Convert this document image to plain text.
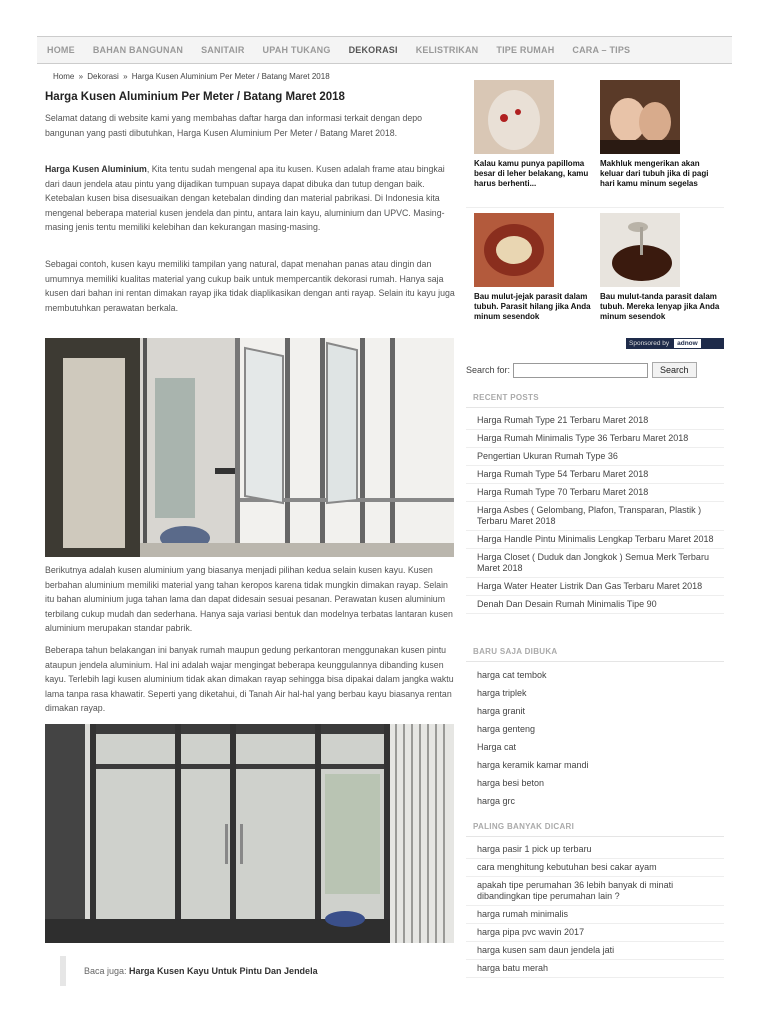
HOME	BAHAN BANGUNAN	SANITAIR	UPAH TUKANG	DEKORASI	KELISTRIKAN	TIPE RUMAH	CARA – TIPS
Home » Dekorasi » Harga Kusen Aluminium Per Meter / Batang Maret 2018
Harga Kusen Aluminium Per Meter / Batang Maret 2018

Selamat datang di website kami yang membahas daftar harga dan informasi terkait dengan depo bangunan yang pasti dibutuhkan, Harga Kusen Aluminium Per Meter / Batang Maret 2018.

Harga Kusen Aluminium, Kita tentu sudah mengenal apa itu kusen. Kusen adalah frame atau bingkai dari daun jendela atau pintu yang dijadikan tumpuan supaya dapat dibuka dan tutup dengan baik. Ketebalan kusen bisa disesuaikan dengan ketebalan dinding dan material pabrikasi. Di Indonesia kita mengenal beberapa material kusen jendela dan pintu, antara lain kayu, aluminium dan UPVC. Masing-masing jenis tentu memiliki kelebihan dan kekurangan masing-masing.

Sebagai contoh, kusen kayu memiliki tampilan yang natural, dapat menahan panas atau dingin dan umumnya memiliki kualitas material yang cukup baik untuk mempercantik dekorasi rumah. Hanya saja kusen dari bahan ini rentan dimakan rayap jika tidak diaplikasikan dengan anti rayap. Selain itu kayu juga membutuhkan perawatan berkala.

Berikutnya adalah kusen aluminium yang biasanya menjadi pilihan kedua selain kusen kayu. Kusen berbahan aluminium memiliki material yang tahan keropos karena tidak mungkin dimakan rayap. Selain itu bahan aluminium juga tahan lama dan dapat didesain sesuai pesanan. Perawatan kusen aluminium terbilang cukup mudah dan sederhana. Hanya saja variasi bentuk dan modelnya terbatas lantaran kusen aluminium merupakan standar pabrik.

Beberapa tahun belakangan ini banyak rumah maupun gedung perkantoran menggunakan kusen pintu ataupun jendela aluminium. Hal ini adalah wajar mengingat beberapa keunggulannya dibanding kusen kayu. Terlebih lagi kusen aluminium tidak akan dimakan rayap sehingga bisa dipakai dalam jangka waktu lama tanpa rasa khawatir. Seperti yang diketahui, di Tanah Air hal-hal yang berbau kayu biasanya rentan dimakan rayap.

Baca juga: Harga Kusen Kayu Untuk Pintu Dan Jendela
Kalau kamu punya papilloma besar di leher belakang, kamu harus berhenti...
Makhluk mengerikan akan keluar dari tubuh jika di pagi hari kamu minum segelas
Bau mulut-jejak parasit dalam tubuh. Parasit hilang jika Anda minum sesendok
Bau mulut-tanda parasit dalam tubuh. Mereka lenyap jika Anda minum sesendok
Sponsored by	adnow
Search for:	Search
RECENT POSTS
Harga Rumah Type 21 Terbaru Maret 2018
Harga Rumah Minimalis Type 36 Terbaru Maret 2018
Pengertian Ukuran Rumah Type 36
Harga Rumah Type 54 Terbaru Maret 2018
Harga Rumah Type 70 Terbaru Maret 2018
Harga Asbes ( Gelombang, Plafon, Transparan, Plastik ) Terbaru Maret 2018
Harga Handle Pintu Minimalis Lengkap Terbaru Maret 2018
Harga Closet ( Duduk dan Jongkok ) Semua Merk Terbaru Maret 2018
Harga Water Heater Listrik Dan Gas Terbaru Maret 2018
Denah Dan Desain Rumah Minimalis Tipe 90
BARU SAJA DIBUKA
harga cat tembok
harga triplek
harga granit
harga genteng
Harga cat
harga keramik kamar mandi
harga besi beton
harga grc
PALING BANYAK DICARI
harga pasir 1 pick up terbaru
cara menghitung kebutuhan besi cakar ayam
apakah tipe perumahan 36 lebih banyak di minati dibandingkan tipe perumahan lain ?
harga rumah minimalis
harga pipa pvc wavin 2017
harga kusen sam daun jendela jati
harga batu merah
